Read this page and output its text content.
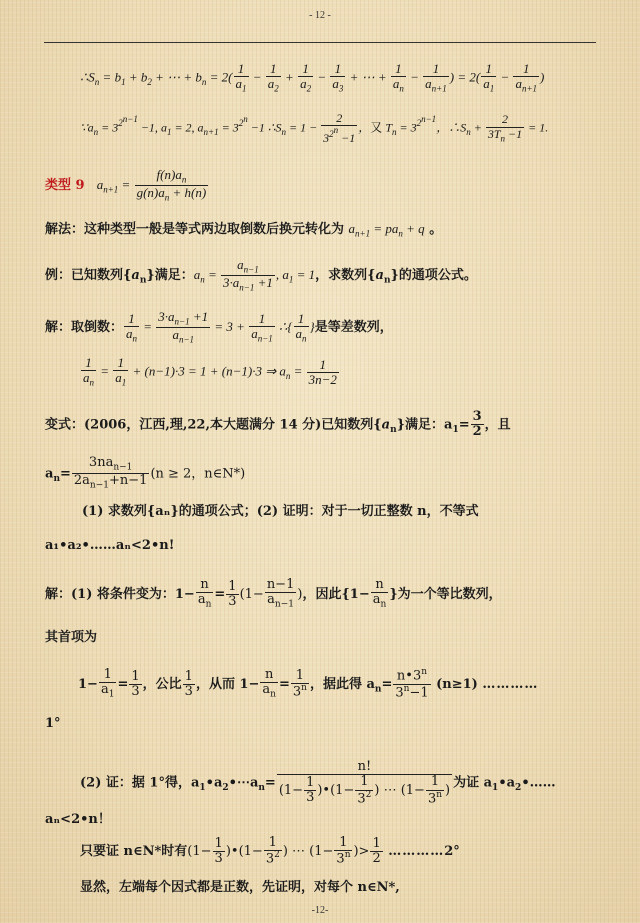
- 12 -
$\therefore S_n = b_1 + b_2$ + ⋯ + $b_n = 2( \frac{1}{a_1} - \frac{1}{a_2} + \frac{1}{a_2} - \frac{1}{a_3}$ + ⋯ + $\frac{1}{a_n} - \frac{1}{a_{n+1}}$ ) = $2( \frac{1}{a_1} - \frac{1}{a_{n+1}}$ )
$\because a_n = 3^{2^{n-1}} -1$, $a_1 = 2$, $a_{n+1} = 3^{2^n} -1$ $\therefore S_n = 1 - \frac{2}{3^{2^n} -1}$ ，又 $T_n = 3^{2^{n-1}}$，$\therefore S_n + \frac{2}{3T_n -1} = 1$.
类型 9 $a_{n+1} = \frac{f(n)a_n}{g(n)a_n + h(n)}$
解法：这种类型一般是等式两边取倒数后换元转化为 $a_{n+1} = pa_n + q$ 。
例：已知数列$\{a_n\}$满足：$a_n = \frac{a_{n-1}}{3\cdot a_{n-1} +1}$ , $a_1 = 1$，求数列$\{a_n\}$的通项公式。
解：取倒数： $\frac{1}{a_n} = \frac{3\cdot a_{n-1} +1}{a_{n-1}} = 3 + \frac{1}{a_{n-1}}$ ∴{ $\frac{1}{a_n}$ }是等差数列，
$\frac{1}{a_n} = \frac{1}{a_1} + (n-1)\cdot 3 = 1 + (n-1)\cdot 3$ ⇒ $a_n = \frac{1}{3n-2}$
变式：(2006，江西,理,22,本大题满分 14 分)已知数列$\{a_n\}$满足：$a_1= \frac{3}{2}$ ，且
$a_n= \frac{3na_{n-1}}{2a_{n-1}+n-1} (n \ge 2$，n∈N*)
(1) 求数列{aₙ}的通项公式；(2) 证明：对于一切正整数 n，不等式
a₁•a₂•……aₙ<2•n!
解：(1) 将条件变为：$1- \frac{n}{a_n} = \frac{1}{3} (1- \frac{n-1}{a_{n-1}}$ )，因此{$1- \frac{n}{a_n}$ }为一个等比数列，
其首项为
$1- \frac{1}{a_1} = \frac{1}{3}$ ，公比 $\frac{1}{3}$ ，从而 $1- \frac{n}{a_n} = \frac{1}{3^n}$ ，据此得 $a_n= \frac{n•3^n}{3^n-1} (n\ge 1)$ …………
1°
(2) 证：据 1°得，$a_1•a_2•\cdots a_n= \frac{n!}{(1- \frac{1}{3} )•(1- \frac{1}{3^2} ) \cdots (1- \frac{1}{3^n} )}$ 为证 $a_1•a_2•\dots\dots$
aₙ<2•n！
只要证 n∈N*时有($1- \frac{1}{3}$ )•(1− $\frac{1}{3^2}$ ) ⋯ ($1- \frac{1}{3^n}$ )> $\frac{1}{2}$ …………2°
显然，左端每个因式都是正数，先证明，对每个 n∈N*,
-12-
